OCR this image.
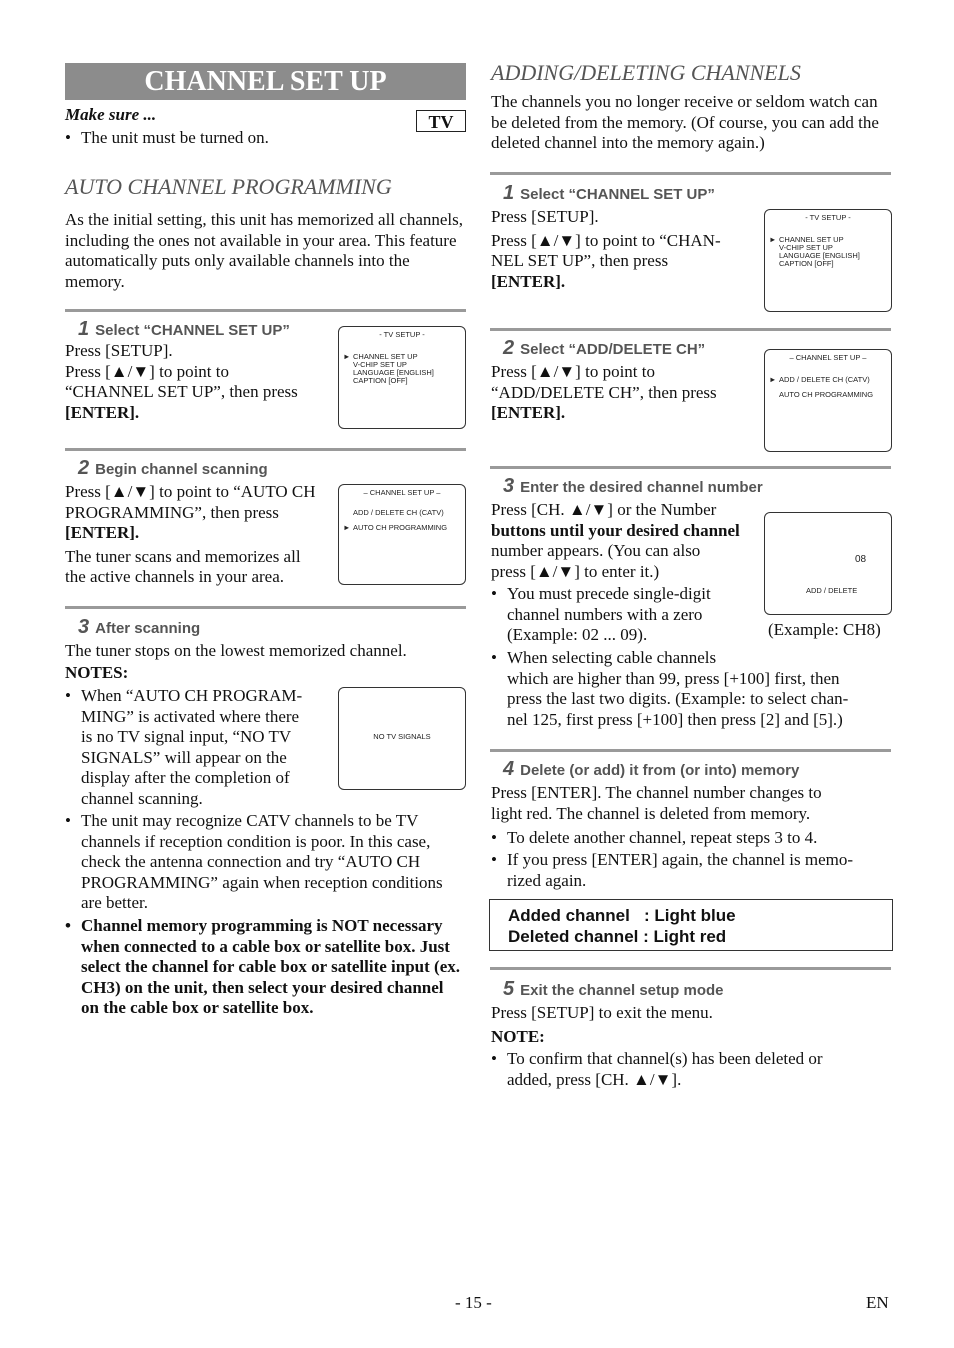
CHANNEL SET UP
Make sure ...	TV
• The unit must be turned on.
AUTO CHANNEL PROGRAMMING
As the initial setting, this unit has memorized all channels, including the ones not available in your area. This feature automatically puts only available channels into the memory.
1 Select “CHANNEL SET UP”
Press [SETUP].
Press [▲/▼] to point to
“CHANNEL SET UP”, then press
[ENTER].
- TV SETUP -
► CHANNEL SET UP
V-CHIP SET UP
LANGUAGE [ENGLISH]
CAPTION [OFF]
2 Begin channel scanning
Press [▲/▼] to point to “AUTO CH
PROGRAMMING”, then press
[ENTER].
The tuner scans and memorizes all
the active channels in your area.
– CHANNEL SET UP –
ADD / DELETE CH (CATV)
► AUTO CH PROGRAMMING
3 After scanning
The tuner stops on the lowest memorized channel.
NOTES:
NO TV SIGNALS
• When “AUTO CH PROGRAM-
MING” is activated where there
is no TV signal input, “NO TV
SIGNALS” will appear on the
display after the completion of
channel scanning.
• The unit may recognize CATV channels to be TV channels if reception condition is poor. In this case, check the antenna connection and try “AUTO CH PROGRAMMING” again when reception conditions are better.
• Channel memory programming is NOT necessary when connected to a cable box or satellite box. Just select the channel for cable box or satellite input (ex. CH3) on the unit, then select your desired channel on the cable box or satellite box.
ADDING/DELETING CHANNELS
The channels you no longer receive or seldom watch can be deleted from the memory. (Of course, you can add the deleted channel into the memory again.)
1 Select “CHANNEL SET UP”
Press [SETUP].
Press [▲/▼] to point to “CHAN-
NEL SET UP”, then press
[ENTER].
- TV SETUP -
► CHANNEL SET UP
V-CHIP SET UP
LANGUAGE [ENGLISH]
CAPTION [OFF]
2 Select “ADD/DELETE CH”
Press [▲/▼] to point to
“ADD/DELETE CH”, then press
[ENTER].
– CHANNEL SET UP –
► ADD / DELETE CH (CATV)
AUTO CH PROGRAMMING
3 Enter the desired channel number
Press [CH. ▲/▼] or the Number
buttons until your desired channel
number appears. (You can also
press [▲/▼] to enter it.)
08
ADD / DELETE
• You must precede single-digit
channel numbers with a zero
(Example: 02 ... 09).	(Example: CH8)
• When selecting cable channels
which are higher than 99, press [+100] first, then
press the last two digits. (Example: to select chan-
nel 125, first press [+100] then press [2] and [5].)
4 Delete (or add) it from (or into) memory
Press [ENTER]. The channel number changes to
light red. The channel is deleted from memory.
• To delete another channel, repeat steps 3 to 4.
• If you press [ENTER] again, the channel is memo-
rized again.
Added channel   : Light blue
Deleted channel : Light red
5 Exit the channel setup mode
Press [SETUP] to exit the menu.
NOTE:
• To confirm that channel(s) has been deleted or
added, press [CH. ▲/▼].
- 15 -	EN
